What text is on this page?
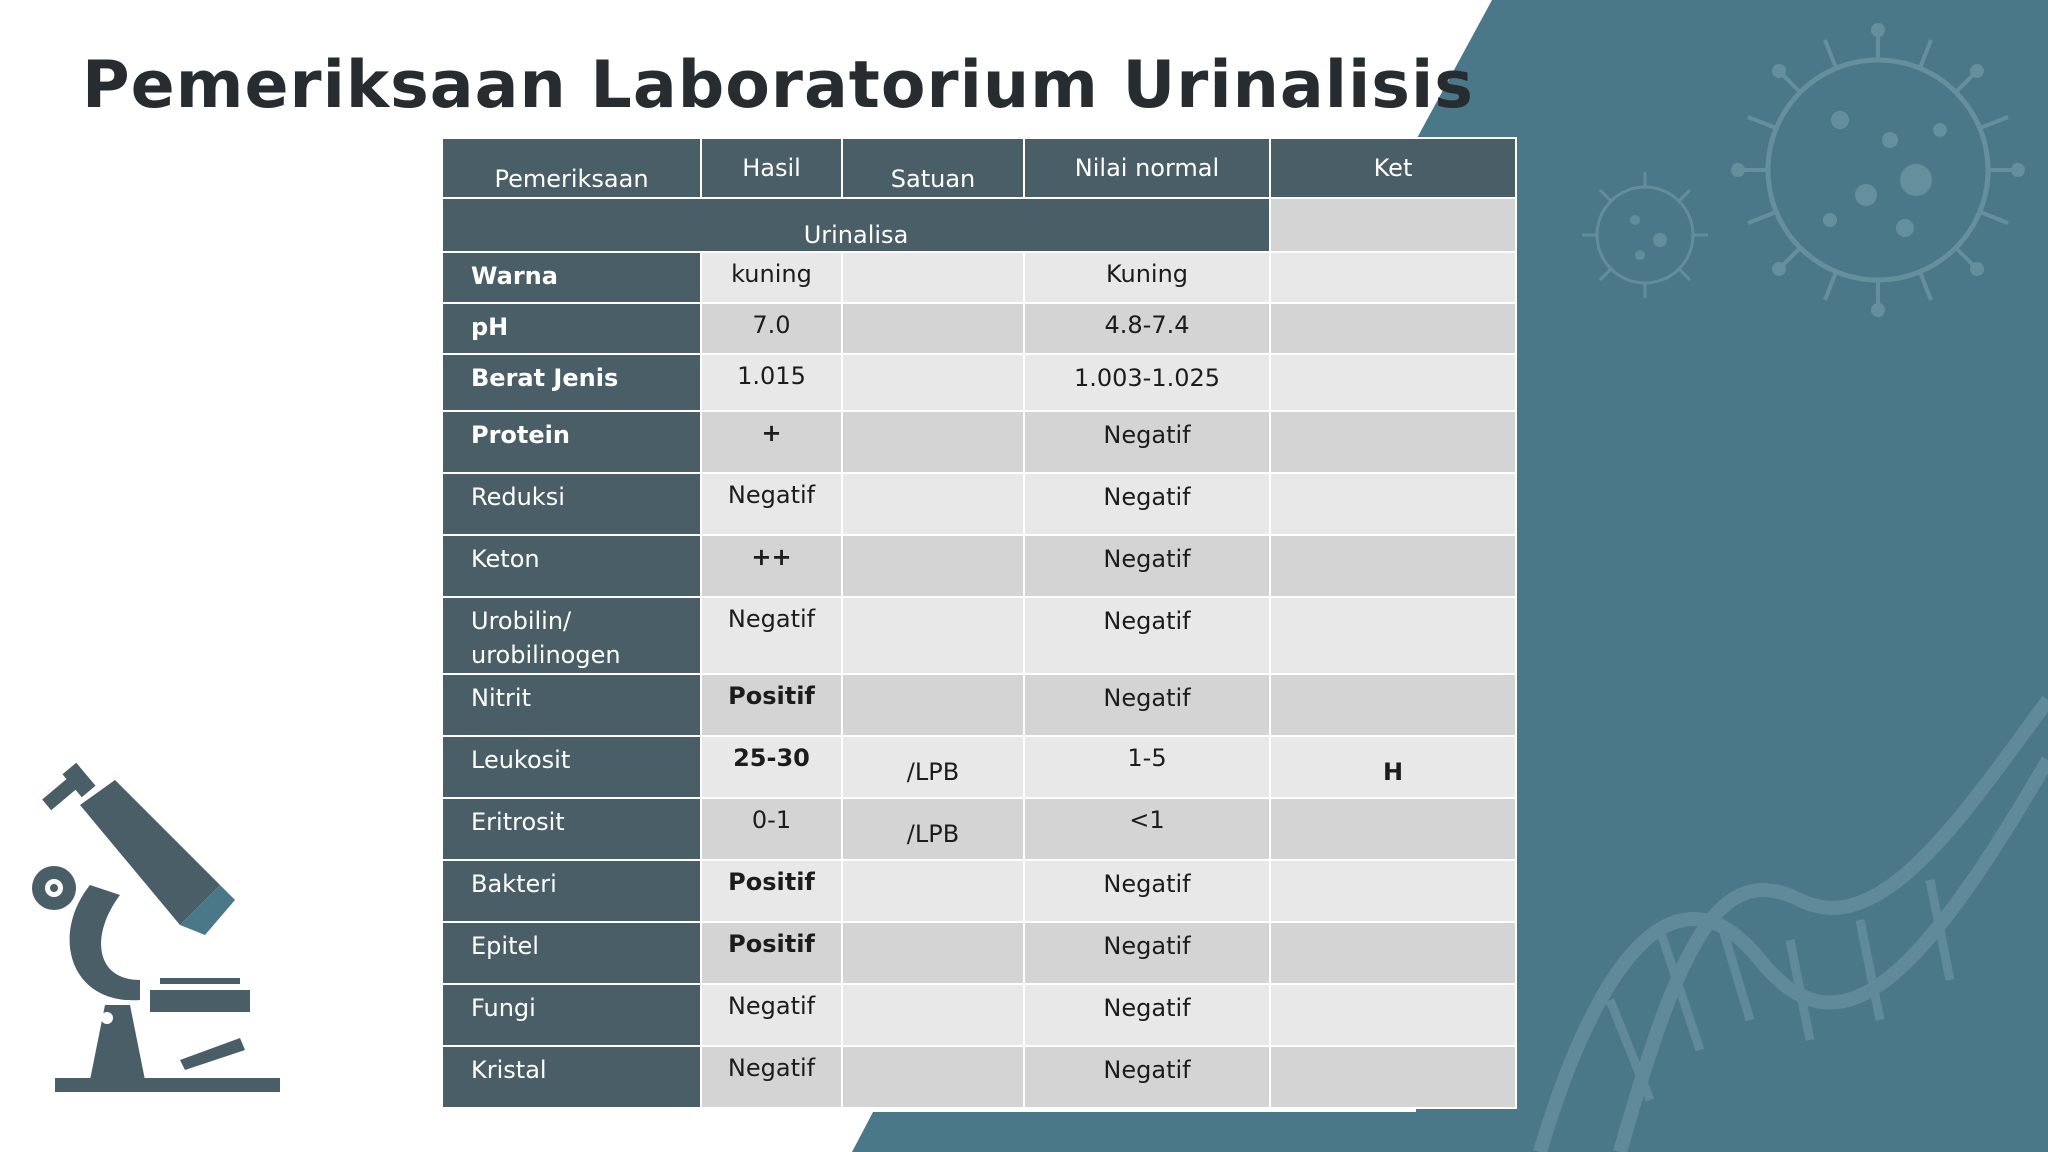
Pemeriksaan Laboratorium Urinalisis
Pemeriksaan	Hasil	Satuan	Nilai normal	Ket
Urinalisa				
Warna	kuning		Kuning	
pH	7.0		4.8-7.4	
Berat Jenis	1.015		1.003-1.025	
Protein	+		Negatif	
Reduksi	Negatif		Negatif	
Keton	++		Negatif	
Urobilin/
urobilinogen	Negatif		Negatif	
Nitrit	Positif		Negatif	
Leukosit	25-30	/LPB	1-5	H
Eritrosit	0-1	/LPB	<1	
Bakteri	Positif		Negatif	
Epitel	Positif		Negatif	
Fungi	Negatif		Negatif	
Kristal	Negatif		Negatif	
